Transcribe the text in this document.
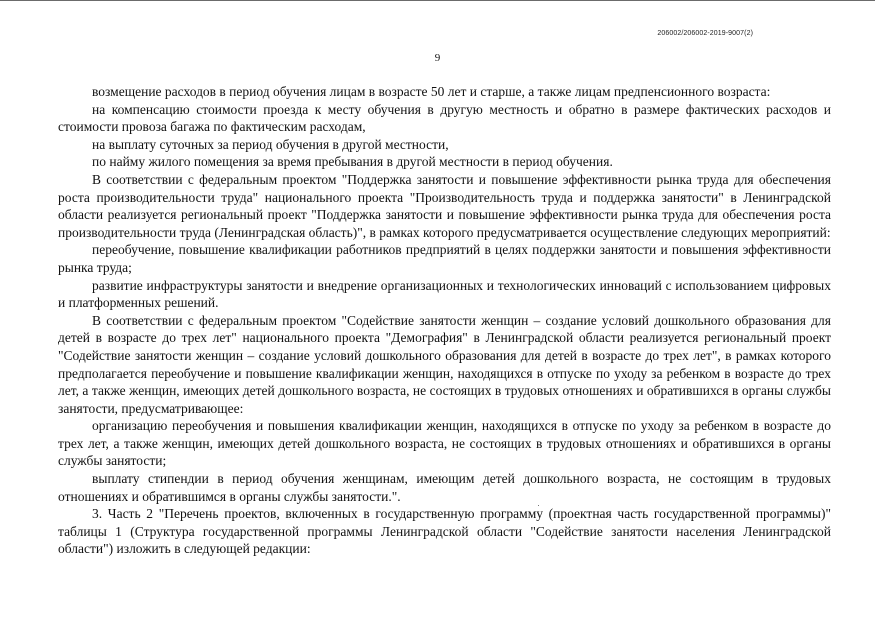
206002/206002-2019-9007(2)
9

возмещение расходов в период обучения лицам в возрасте 50 лет и старше, а также лицам предпенсионного возраста:

на компенсацию стоимости проезда к месту обучения в другую местность и обратно в размере фактических расходов и стоимости провоза багажа по фактическим расходам,

на выплату суточных за период обучения в другой местности,

по найму жилого помещения за время пребывания в другой местности в период обучения.

В соответствии с федеральным проектом "Поддержка занятости и повышение эффективности рынка труда для обеспечения роста производительности труда" национального проекта "Производительность труда и поддержка занятости" в Ленинградской области реализуется региональный проект "Поддержка занятости и повышение эффективности рынка труда для обеспечения роста производительности труда (Ленинградская область)", в рамках которого предусматривается осуществление следующих мероприятий:

переобучение, повышение квалификации работников предприятий в целях поддержки занятости и повышения эффективности рынка труда;

развитие инфраструктуры занятости и внедрение организационных и технологических инноваций с использованием цифровых и платформенных решений.

В соответствии с федеральным проектом "Содействие занятости женщин – создание условий дошкольного образования для детей в возрасте до трех лет" национального проекта "Демография" в Ленинградской области реализуется региональный проект "Содействие занятости женщин – создание условий дошкольного образования для детей в возрасте до трех лет", в рамках которого предполагается переобучение и повышение квалификации женщин, находящихся в отпуске по уходу за ребенком в возрасте до трех лет, а также женщин, имеющих детей дошкольного возраста, не состоящих в трудовых отношениях и обратившихся в органы службы занятости, предусматривающее:

организацию переобучения и повышения квалификации женщин, находящихся в отпуске по уходу за ребенком в возрасте до трех лет, а также женщин, имеющих детей дошкольного возраста, не состоящих в трудовых отношениях и обратившихся в органы службы занятости;

выплату стипендии в период обучения женщинам, имеющим детей дошкольного возраста, не состоящим в трудовых отношениях и обратившимся в органы службы занятости.".

3. Часть 2 "Перечень проектов, включенных в государственную программу (проектная часть государственной программы)" таблицы 1 (Структура государственной программы Ленинградской области "Содействие занятости населения Ленинградской области") изложить в следующей редакции:
